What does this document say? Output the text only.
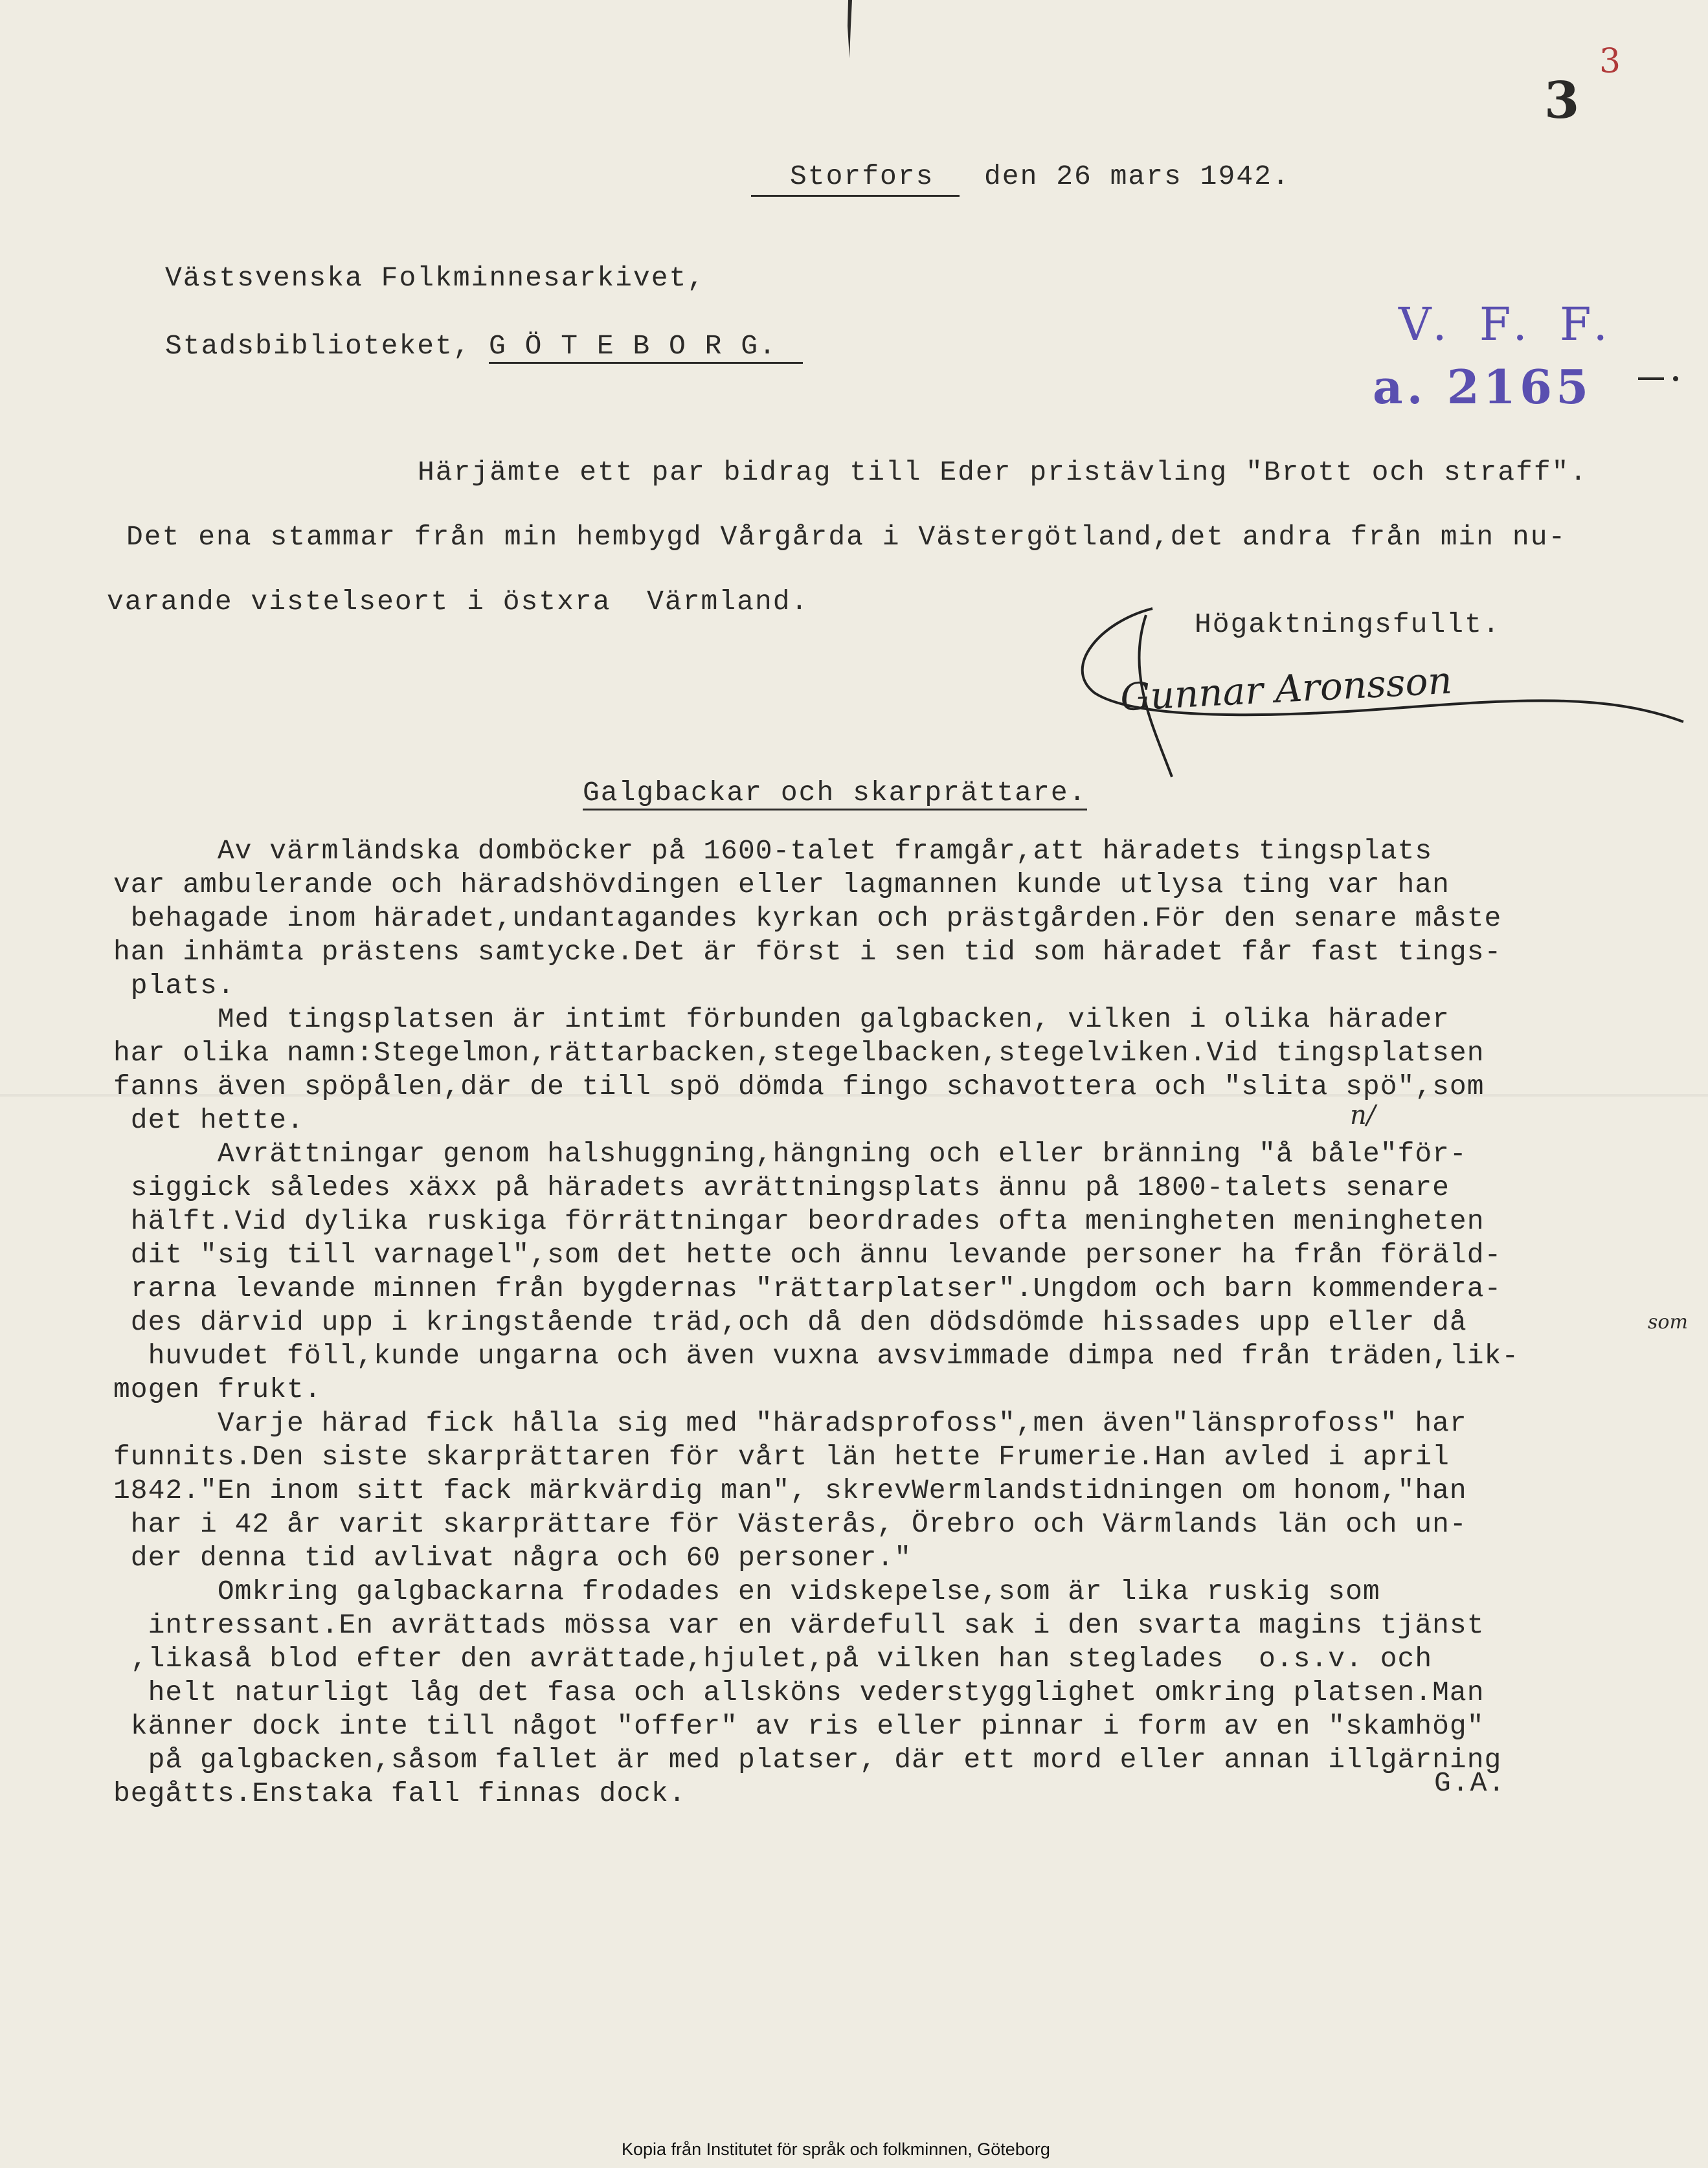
3
3
Storfors	den 26 mars 1942.
Västsvenska Folkminnesarkivet,
Stadsbiblioteket, G Ö T E B O R G.	V. F. F.
a. 2165
Härjämte ett par bidrag till Eder pristävling "Brott och straff".
Det ena stammar från min hembygd Vårgårda i Västergötland,det andra från min nu-
varande vistelseort i östxra  Värmland.
Högaktningsfullt.
Gunnar Aronsson
Galgbackar och skarprättare.
Av värmländska domböcker på 1600-talet framgår,att häradets tingsplats
var ambulerande och häradshövdingen eller lagmannen kunde utlysa ting var han
behagade inom häradet,undantagandes kyrkan och prästgården.För den senare måste
han inhämta prästens samtycke.Det är först i sen tid som häradet får fast tings-
plats.
Med tingsplatsen är intimt förbunden galgbacken, vilken i olika härader
har olika namn:Stegelmon,rättarbacken,stegelbacken,stegelviken.Vid tingsplatsen
fanns även spöpålen,där de till spö dömda fingo schavottera och "slita spö",som
det hette.
Avrättningar genom halshuggning,hängning och eller bränning "å båle"för-
siggick således xäxx på häradets avrättningsplats ännu på 1800-talets senare
hälft.Vid dylika ruskiga förrättningar beordrades ofta meningheten meningheten
dit "sig till varnagel",som det hette och ännu levande personer ha från föräld-
rarna levande minnen från bygdernas "rättarplatser".Ungdom och barn kommendera-
des därvid upp i kringstående träd,och då den dödsdömde hissades upp eller då
huvudet föll,kunde ungarna och även vuxna avsvimmade dimpa ned från träden,lik-
mogen frukt.
Varje härad fick hålla sig med "häradsprofoss",men även"länsprofoss" har
funnits.Den siste skarprättaren för vårt län hette Frumerie.Han avled i april
1842."En inom sitt fack märkvärdig man", skrevWermlandstidningen om honom,"han
har i 42 år varit skarprättare för Västerås, Örebro och Värmlands län och un-
der denna tid avlivat några och 60 personer."
Omkring galgbackarna frodades en vidskepelse,som är lika ruskig som
intressant.En avrättads mössa var en värdefull sak i den svarta magins tjänst
,likaså blod efter den avrättade,hjulet,på vilken han steglades  o.s.v. och
helt naturligt låg det fasa och allsköns vederstygglighet omkring platsen.Man
känner dock inte till något "offer" av ris eller pinnar i form av en "skamhög"
på galgbacken,såsom fallet är med platser, där ett mord eller annan illgärning
begåtts.Enstaka fall finnas dock.
n/
som
G.A.
Kopia från Institutet för språk och folkminnen, Göteborg
